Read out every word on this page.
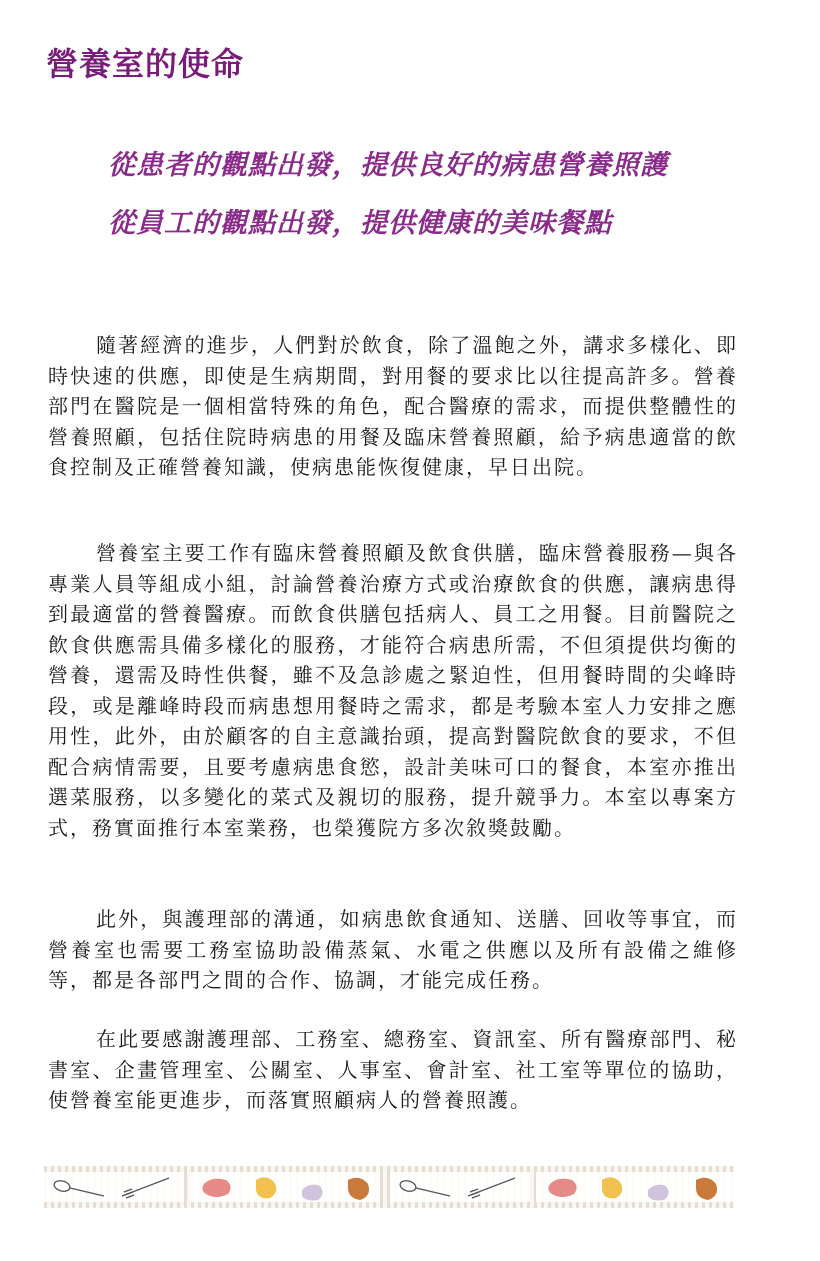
營養室的使命
從患者的觀點出發，提供良好的病患營養照護
從員工的觀點出發，提供健康的美味餐點

隨著經濟的進步，人們對於飲食，除了溫飽之外，講求多樣化、即時快速的供應，即使是生病期間，對用餐的要求比以往提高許多。營養部門在醫院是一個相當特殊的角色，配合醫療的需求，而提供整體性的營養照顧，包括住院時病患的用餐及臨床營養照顧，給予病患適當的飲食控制及正確營養知識，使病患能恢復健康，早日出院。

營養室主要工作有臨床營養照顧及飲食供膳，臨床營養服務—與各專業人員等組成小組，討論營養治療方式或治療飲食的供應，讓病患得到最適當的營養醫療。而飲食供膳包括病人、員工之用餐。目前醫院之飲食供應需具備多樣化的服務，才能符合病患所需，不但須提供均衡的營養，還需及時性供餐，雖不及急診處之緊迫性，但用餐時間的尖峰時段，或是離峰時段而病患想用餐時之需求，都是考驗本室人力安排之應用性，此外，由於顧客的自主意識抬頭，提高對醫院飲食的要求，不但配合病情需要，且要考慮病患食慾，設計美味可口的餐食，本室亦推出選菜服務，以多變化的菜式及親切的服務，提升競爭力。本室以專案方式，務實面推行本室業務，也榮獲院方多次敘獎鼓勵。

此外，與護理部的溝通，如病患飲食通知、送膳、回收等事宜，而營養室也需要工務室協助設備蒸氣、水電之供應以及所有設備之維修等，都是各部門之間的合作、協調，才能完成任務。

在此要感謝護理部、工務室、總務室、資訊室、所有醫療部門、秘書室、企畫管理室、公關室、人事室、會計室、社工室等單位的協助，使營養室能更進步，而落實照顧病人的營養照護。
